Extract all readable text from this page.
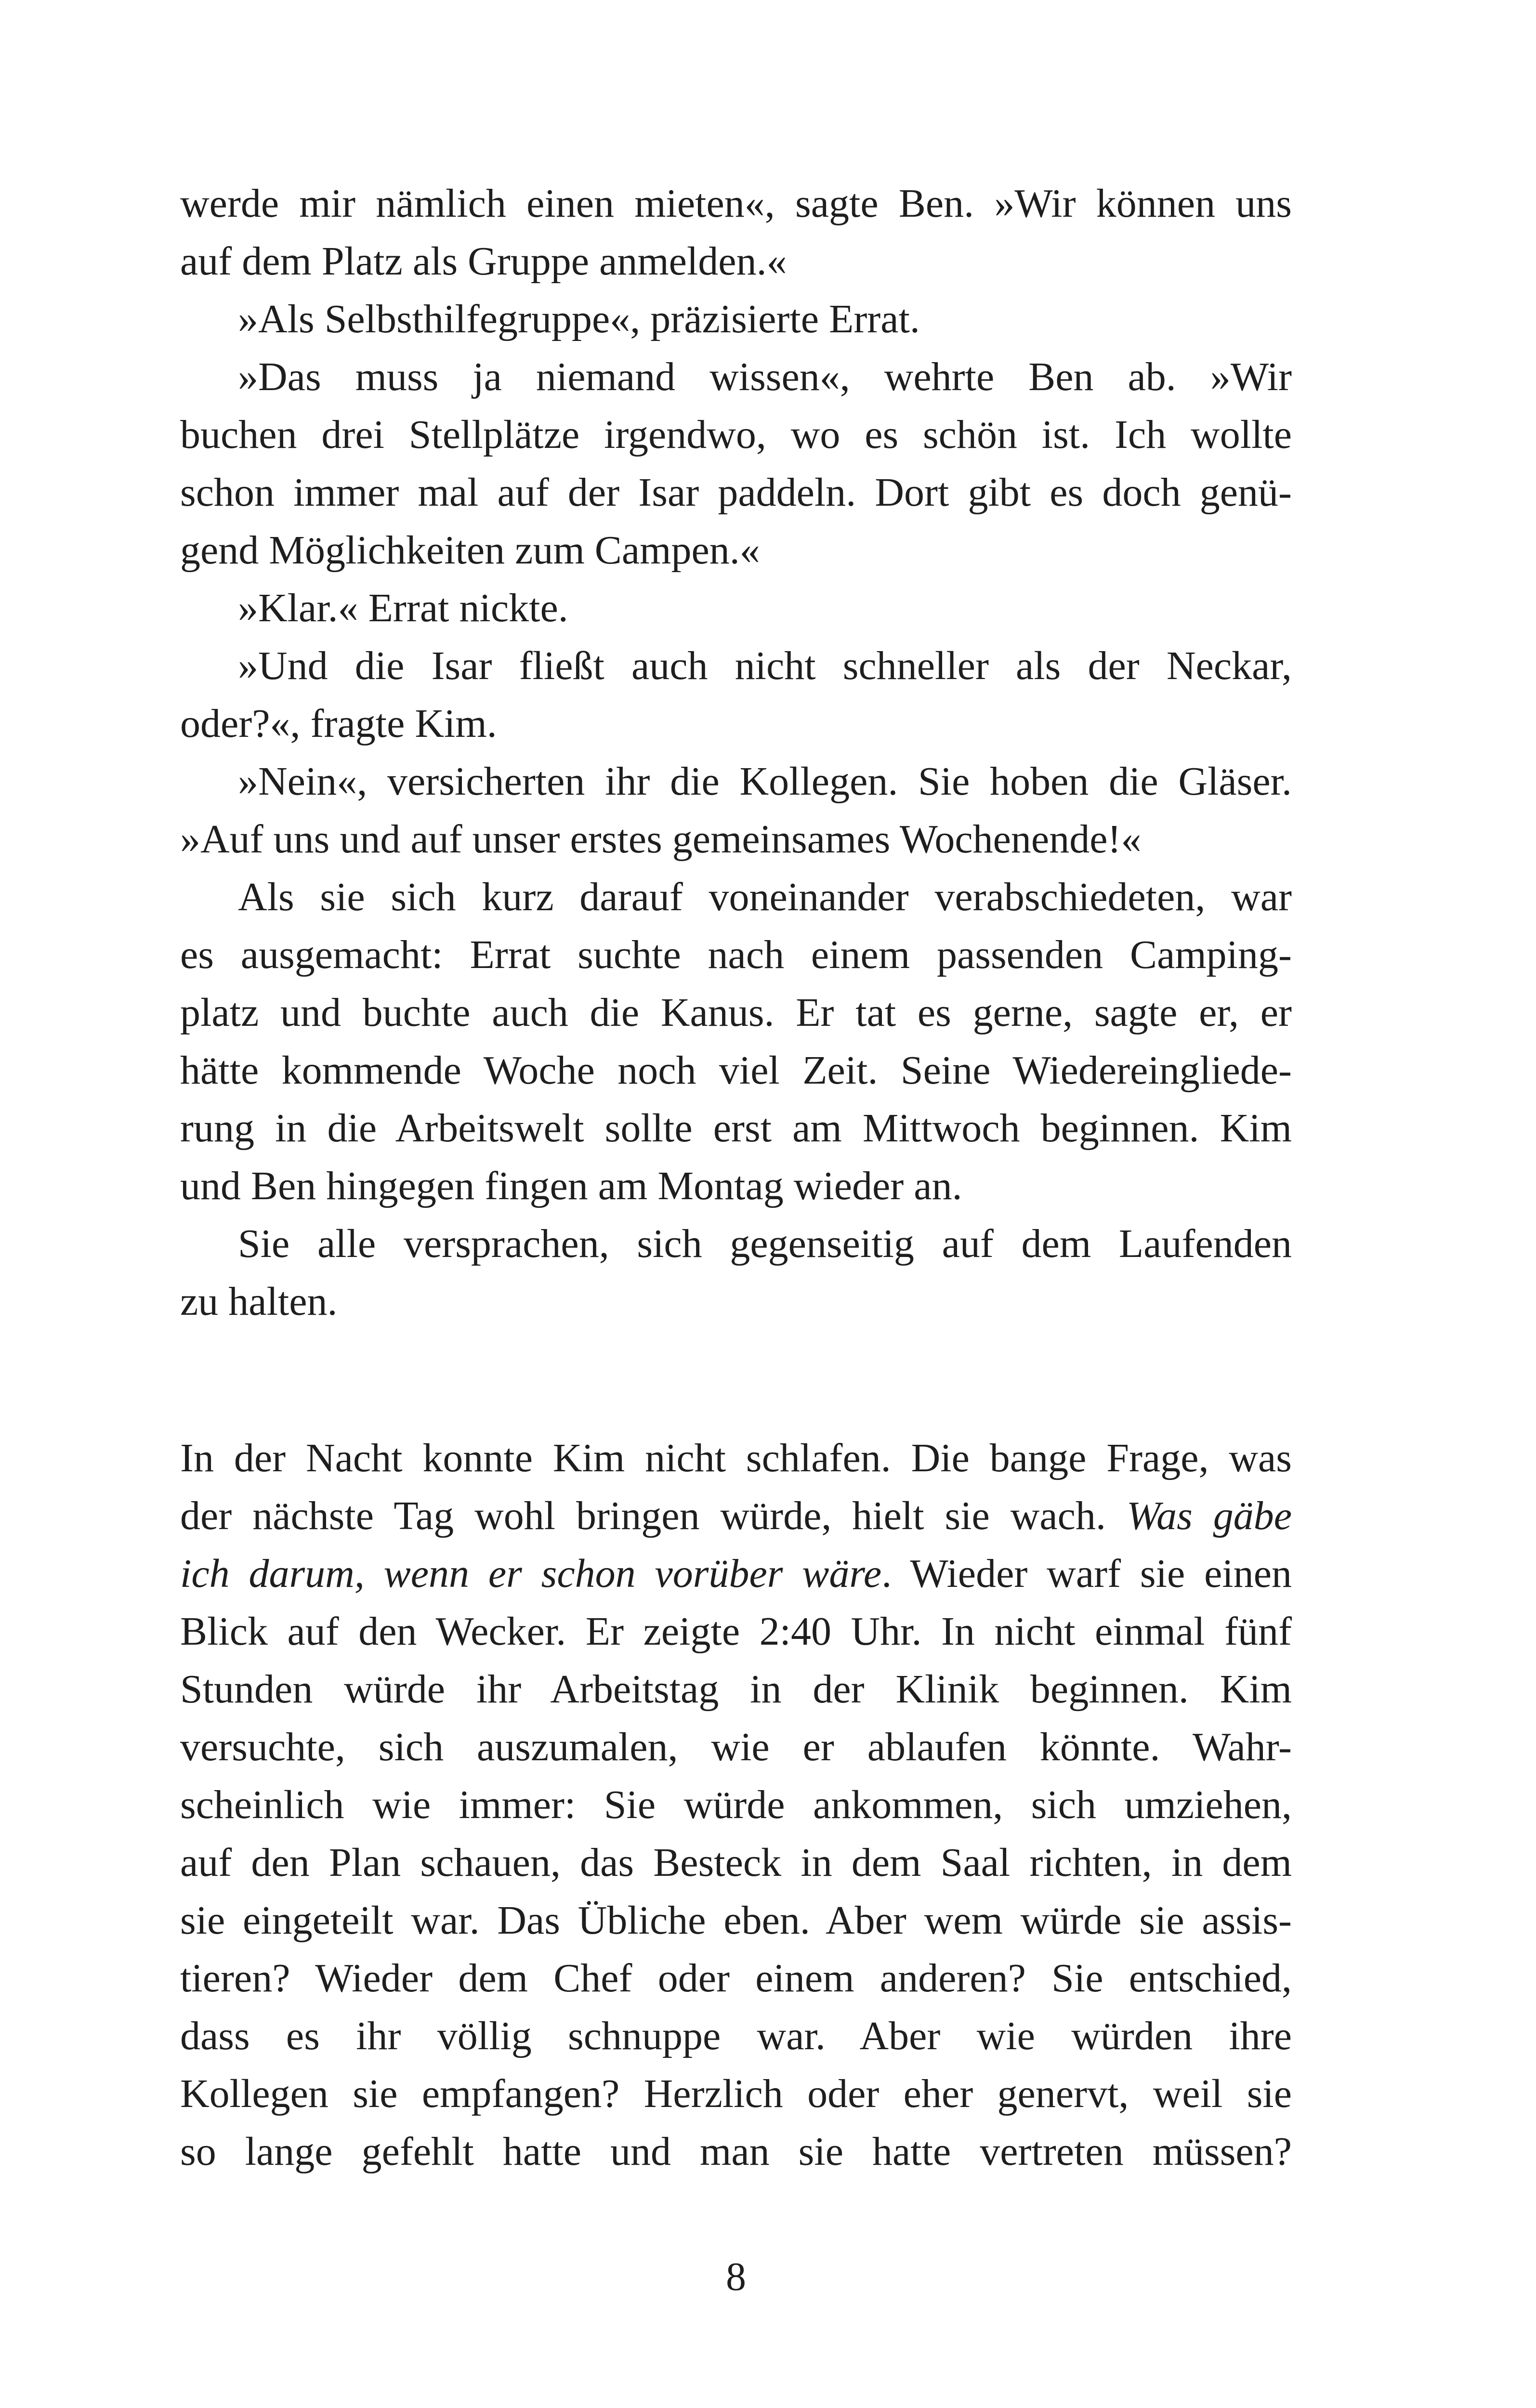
werde mir nämlich einen mieten«, sagte Ben. »Wir können uns
auf dem Platz als Gruppe anmelden.«
»Als Selbsthilfegruppe«, präzisierte Errat.
»Das muss ja niemand wissen«, wehrte Ben ab. »Wir
buchen drei Stellplätze irgendwo, wo es schön ist. Ich wollte
schon immer mal auf der Isar paddeln. Dort gibt es doch genü-
gend Möglichkeiten zum Campen.«
»Klar.« Errat nickte.
»Und die Isar fließt auch nicht schneller als der Neckar,
oder?«, fragte Kim.
»Nein«, versicherten ihr die Kollegen. Sie hoben die Gläser.
»Auf uns und auf unser erstes gemeinsames Wochenende!«
Als sie sich kurz darauf voneinander verabschiedeten, war
es ausgemacht: Errat suchte nach einem passenden Camping-
platz und buchte auch die Kanus. Er tat es gerne, sagte er, er
hätte kommende Woche noch viel Zeit. Seine Wiedereingliede-
rung in die Arbeitswelt sollte erst am Mittwoch beginnen. Kim
und Ben hingegen fingen am Montag wieder an.
Sie alle versprachen, sich gegenseitig auf dem Laufenden
zu halten.
In der Nacht konnte Kim nicht schlafen. Die bange Frage, was
der nächste Tag wohl bringen würde, hielt sie wach. Was gäbe
ich darum, wenn er schon vorüber wäre. Wieder warf sie einen
Blick auf den Wecker. Er zeigte 2:40 Uhr. In nicht einmal fünf
Stunden würde ihr Arbeitstag in der Klinik beginnen. Kim
versuchte, sich auszumalen, wie er ablaufen könnte. Wahr-
scheinlich wie immer: Sie würde ankommen, sich umziehen,
auf den Plan schauen, das Besteck in dem Saal richten, in dem
sie eingeteilt war. Das Übliche eben. Aber wem würde sie assis-
tieren? Wieder dem Chef oder einem anderen? Sie entschied,
dass es ihr völlig schnuppe war. Aber wie würden ihre
Kollegen sie empfangen? Herzlich oder eher genervt, weil sie
so lange gefehlt hatte und man sie hatte vertreten müssen?
8
